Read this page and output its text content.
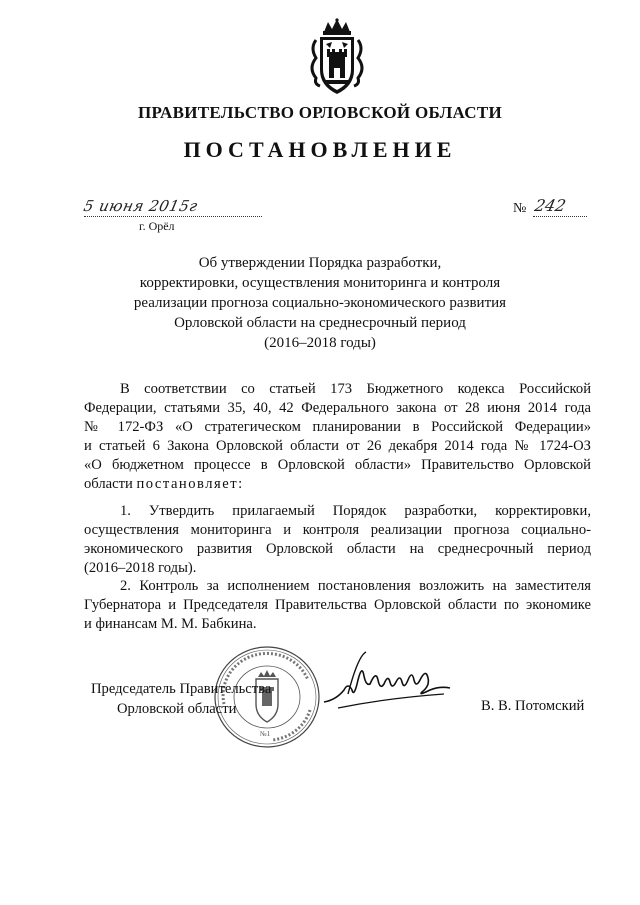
ПРАВИТЕЛЬСТВО ОРЛОВСКОЙ ОБЛАСТИ
ПОСТАНОВЛЕНИЕ
5 июня 2015г
г. Орёл
№ 242
Об утверждении Порядка разработки,
корректировки, осуществления мониторинга и контроля
реализации прогноза социально-экономического развития
Орловской области на среднесрочный период
(2016–2018 годы)
В соответствии со статьей 173 Бюджетного кодекса Российской
Федерации, статьями 35, 40, 42 Федерального закона от 28 июня 2014 года
№ 172-ФЗ «О стратегическом планировании в Российской Федерации»
и статьей 6 Закона Орловской области от 26 декабря 2014 года № 1724-ОЗ
«О бюджетном процессе в Орловской области» Правительство Орловской
области постановляет:
1. Утвердить прилагаемый Порядок разработки, корректировки,
осуществления мониторинга и контроля реализации прогноза социально-
экономического развития Орловской области на среднесрочный период
(2016–2018 годы).
2. Контроль за исполнением постановления возложить на заместителя
Губернатора и Председателя Правительства Орловской области по экономике
и финансам М. М. Бабкина.
№1
Председатель Правительства
Орловской области	В. В. Потомский
